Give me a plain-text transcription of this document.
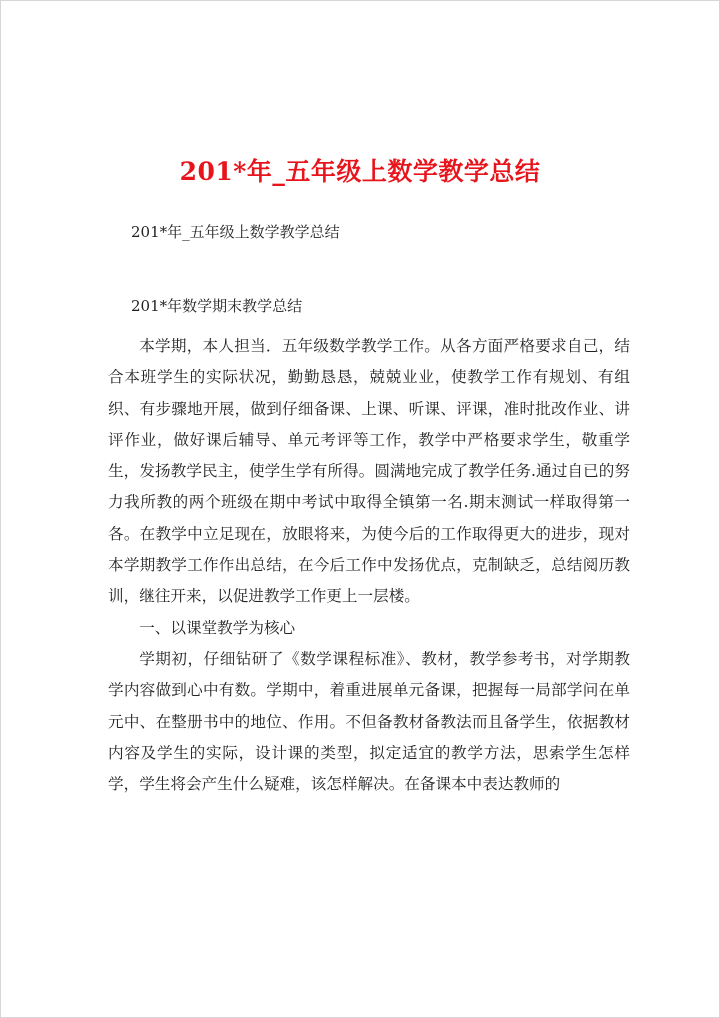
201*年_五年级上数学教学总结

201*年_五年级上数学教学总结

201*年数学期末教学总结

本学期，本人担当．五年级数学教学工作。从各方面严格要求自己，结合本班学生的实际状况，勤勤恳恳，兢兢业业，使教学工作有规划、有组织、有步骤地开展，做到仔细备课、上课、听课、评课，准时批改作业、讲评作业，做好课后辅导、单元考评等工作，教学中严格要求学生，敬重学生，发扬教学民主，使学生学有所得。圆满地完成了教学任务.通过自已的努力我所教的两个班级在期中考试中取得全镇第一名.期末测试一样取得第一各。在教学中立足现在，放眼将来，为使今后的工作取得更大的进步，现对本学期教学工作作出总结，在今后工作中发扬优点，克制缺乏，总结阅历教训，继往开来，以促进教学工作更上一层楼。

一、以课堂教学为核心

学期初，仔细钻研了《数学课程标准》、教材，教学参考书，对学期教学内容做到心中有数。学期中，着重进展单元备课，把握每一局部学问在单元中、在整册书中的地位、作用。不但备教材备教法而且备学生，依据教材内容及学生的实际，设计课的类型，拟定适宜的教学方法，思索学生怎样学，学生将会产生什么疑难，该怎样解决。在备课本中表达教师的
